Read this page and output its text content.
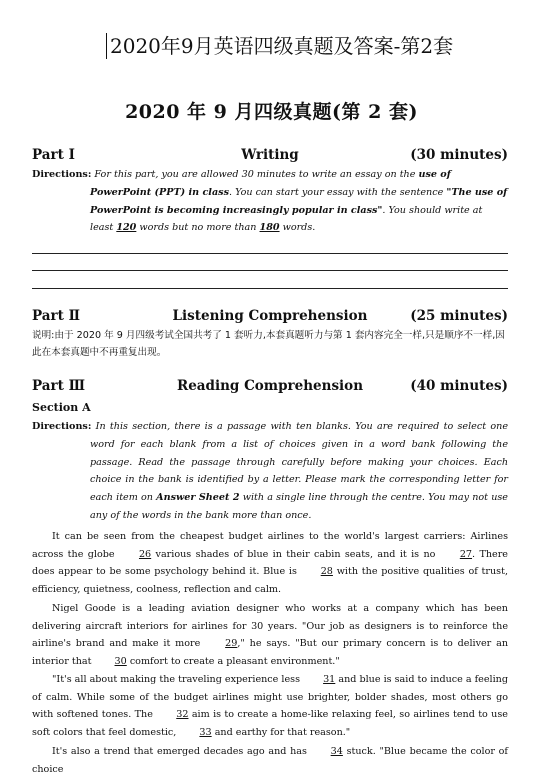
2020年9月英语四级真题及答案-第2套
2020 年 9 月四级真题(第 2 套)
Part Ⅰ	Writing	(30 minutes)
Directions: For this part, you are allowed 30 minutes to write an essay on the use of PowerPoint (PPT) in class. You can start your essay with the sentence "The use of PowerPoint is becoming increasingly popular in class". You should write at least 120 words but no more than 180 words.
Part Ⅱ	Listening Comprehension	(25 minutes)
说明:由于 2020 年 9 月四级考试全国共考了 1 套听力,本套真题听力与第 1 套内容完全一样,只是顺序不一样,因此在本套真题中不再重复出现。
Part Ⅲ	Reading Comprehension	(40 minutes)
Section A
Directions: In this section, there is a passage with ten blanks. You are required to select one word for each blank from a list of choices given in a word bank following the passage. Read the passage through carefully before making your choices. Each choice in the bank is identified by a letter. Please mark the corresponding letter for each item on Answer Sheet 2 with a single line through the centre. You may not use any of the words in the bank more than once.
It can be seen from the cheapest budget airlines to the world's largest carriers: Airlines across the globe	26 various shades of blue in their cabin seats, and it is no	27. There does appear to be some psychology behind it. Blue is 28 with the positive qualities of trust, efficiency, quietness, coolness, reflection and calm.
Nigel Goode is a leading aviation designer who works at a company which has been delivering aircraft interiors for airlines for 30 years. "Our job as designers is to reinforce the airline's brand and make it more	29," he says. "But our primary concern is to deliver an interior that 30 comfort to create a pleasant environment."
"It's all about making the traveling experience less 31 and blue is said to induce a feeling of calm. While some of the budget airlines might use brighter, bolder shades, most others go with softened tones. The 32 aim is to create a home-like relaxing feel, so airlines tend to use soft colors that feel domestic, 33 and earthy for that reason."
It's also a trend that emerged decades ago and has 34 stuck. "Blue became the color of choice
